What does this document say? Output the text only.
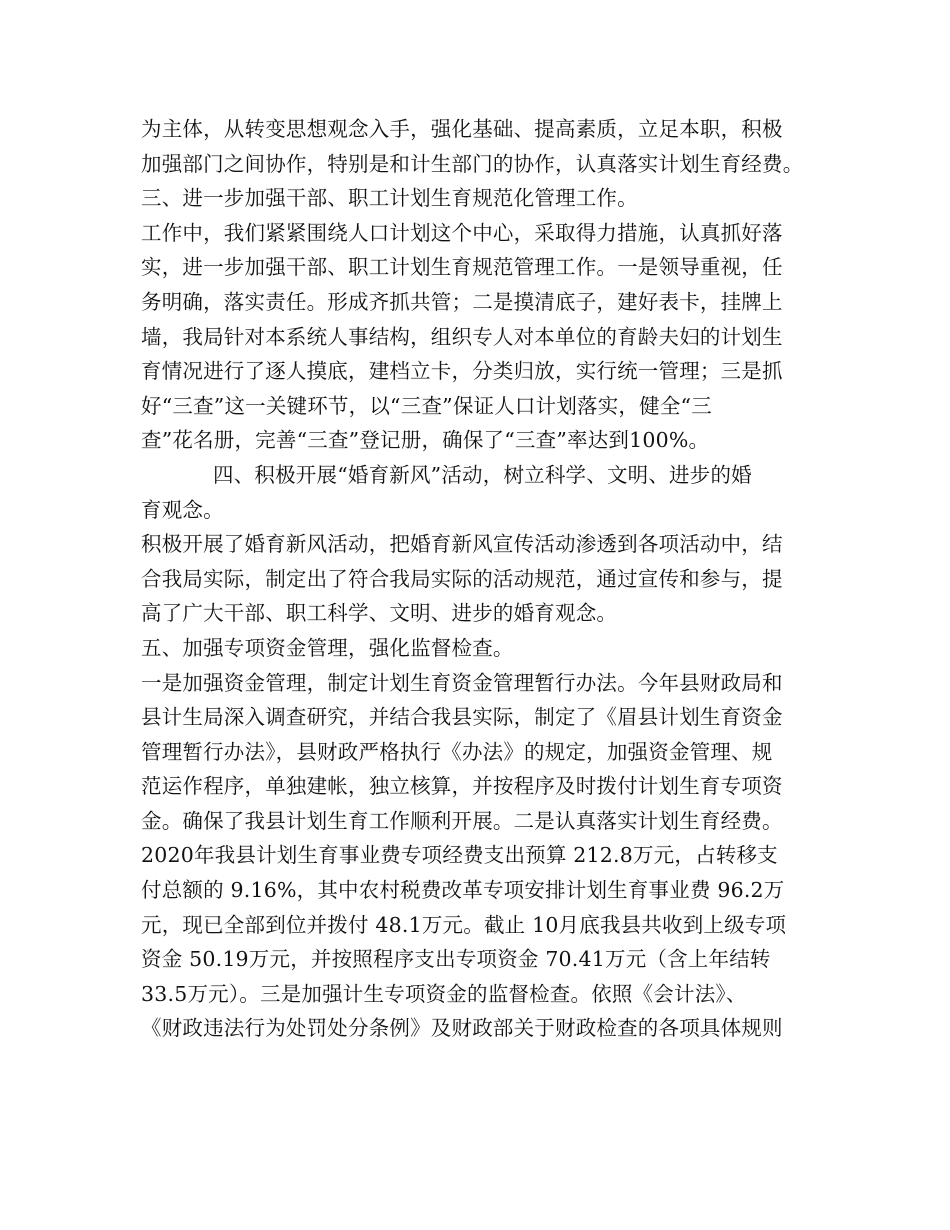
为主体，从转变思想观念入手，强化基础、提高素质，立足本职，积极
加强部门之间协作，特别是和计生部门的协作，认真落实计划生育经费。
三、进一步加强干部、职工计划生育规范化管理工作。
工作中，我们紧紧围绕人口计划这个中心，采取得力措施，认真抓好落
实，进一步加强干部、职工计划生育规范管理工作。一是领导重视，任
务明确，落实责任。形成齐抓共管；二是摸清底子，建好表卡，挂牌上
墙，我局针对本系统人事结构，组织专人对本单位的育龄夫妇的计划生
育情况进行了逐人摸底，建档立卡，分类归放，实行统一管理；三是抓
好“三查”这一关键环节，以“三查”保证人口计划落实，健全“三
查”花名册，完善“三查”登记册，确保了“三查”率达到100%。
四、积极开展“婚育新风”活动，树立科学、文明、进步的婚
育观念。
积极开展了婚育新风活动，把婚育新风宣传活动渗透到各项活动中，结
合我局实际，制定出了符合我局实际的活动规范，通过宣传和参与，提
高了广大干部、职工科学、文明、进步的婚育观念。
五、加强专项资金管理，强化监督检查。
一是加强资金管理，制定计划生育资金管理暂行办法。今年县财政局和
县计生局深入调查研究，并结合我县实际，制定了《眉县计划生育资金
管理暂行办法》，县财政严格执行《办法》的规定，加强资金管理、规
范运作程序，单独建帐，独立核算，并按程序及时拨付计划生育专项资
金。确保了我县计划生育工作顺利开展。二是认真落实计划生育经费。
2020年我县计划生育事业费专项经费支出预算 212.8万元，占转移支
付总额的 9.16%，其中农村税费改革专项安排计划生育事业费 96.2万
元，现已全部到位并拨付 48.1万元。截止 10月底我县共收到上级专项
资金 50.19万元，并按照程序支出专项资金 70.41万元（含上年结转
33.5万元）。三是加强计生专项资金的监督检查。依照《会计法》、
《财政违法行为处罚处分条例》及财政部关于财政检查的各项具体规则
